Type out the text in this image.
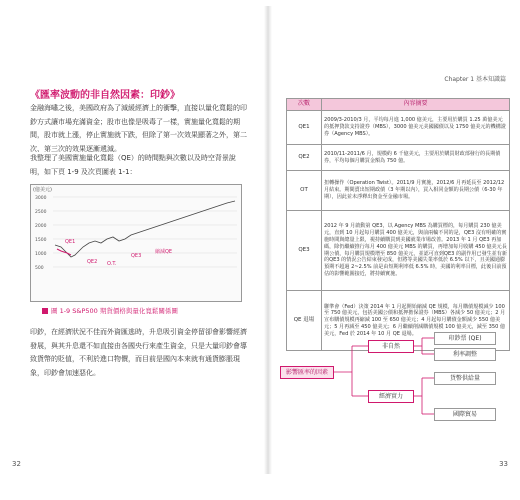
《匯率波動的非自然因素：印鈔》
金融海嘯之後，美國政府為了減緩經濟上的衝擊，直接以量化寬鬆的印鈔方式讓市場充滿資金；股市也像是吸毒了一樣，實施量化寬鬆的期間，股市就上漲，停止實施就下跌，但除了第一次效果顯著之外，第二次、第三次的效果逐漸遞減。
我整理了美國實施量化寬鬆（QE）的時間點與次數以及時空背景說明，如下頁 1-9 及次頁圖表 1-1：
(億美元)
3000
2500
2000
1500
1000
500
QE1
QE2 O.T.
QE3
縮減QE
圖 1-9 S&P500 期貨價格與量化寬鬆關係圖
印鈔，在經濟狀況不佳而外資匯逃時，升息吸引資金停留卻會影響經濟發展，與其升息還不如直接由各國央行來產生資金，只是大量印鈔會導致貨幣的貶值，不利於進口物價，而目前是國內本來就有通貨膨脹現象，印鈔會加速惡化。
32
Chapter 1 基本知識篇
次數	內容摘要
QE1	2009/3-2010/3 月，平均每月進 1,000 億美元，主要用於購買 1.25 萬億美元的抵押貸款支持證券（MBS），3000 億美元美國國債以及 1750 億美元的機構證券（Agency MBS）。
QE2	2010/11-2011/6 月，規模約 6 千億美元，主要用於購買財政部發行的長期債券，平均每個月購買金額為 750 億。
OT	扭轉操作（Operation Twist）。2011/9 月實施，2012/6 月再延長至 2012/12 月結束。期間賣出短期政債（3 年期以內），買入相同金額的長期公債（6-30 年期），因此並未淨釋出資金至金融市場。
QE3	2012 年 9 月啟動第 QE3，以 Agency MBS 為購買標的，每月購買 230 億美元，直到 10 月起每月購買 400 億美元，與前兩輪不同的是，QE3 沒有明確的實施時間與總量上限，視持續購買到美國就業市場改善。2013 年 1 月 QE3 再加碼，除仍繼續推行每月 400 億美元 MBS 的購買，再增加每月收購 450 億美元長期公債，每月購買規模增至 850 億美元，並認可直到QE3 的副作用已發生並有新的QE3 的情況公告結束發完成，但將等美國失業率低於 6.5% 以下，且美國通膨預期不超過 2~2.5% 前是由短期利率低 6.5% 時，美國的利率目標，此後目前預估的影響範圍接近，將持續實施。
QE 退場	聯準會（Fed）決策 2014 年 1 月起開始縮減 QE 規模，每月購債規模減少 100 至 750 億美元，包括美國公債和抵押擔保證券（MBS）各減少 50 億美元；2 月宣布購債規模再縮減 100 至 650 億美元；4 月起每月購債金額減少 550 億美元；5 月再減至 450 億美元；6 月繼續削減購債規模 100 億美元，減至 350 億美元，Fed 於 2014 年 10 月 QE 退場。
影響匯率的因素
非自然
經濟實力
印鈔票 (QE)
利率調整
貨幣供給量
國際貿易
33
